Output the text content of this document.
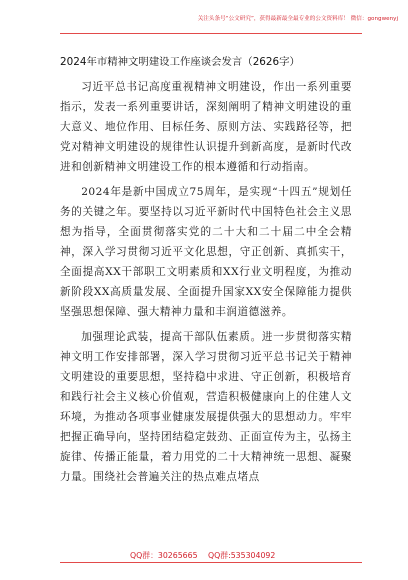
关注头条号“公文研究”，获得最新最全最专业的公文资料库！ 微信：gongwenyj
2024年市精神文明建设工作座谈会发言（2626字）

习近平总书记高度重视精神文明建设，作出一系列重要指示，发表一系列重要讲话，深刻阐明了精神文明建设的重大意义、地位作用、目标任务、原则方法、实践路径等，把党对精神文明建设的规律性认识提升到新高度，是新时代改进和创新精神文明建设工作的根本遵循和行动指南。

2024年是新中国成立75周年，是实现“十四五”规划任务的关键之年。要坚持以习近平新时代中国特色社会主义思想为指导，全面贯彻落实党的二十大和二十届二中全会精神，深入学习贯彻习近平文化思想，守正创新、真抓实干，全面提高XX干部职工文明素质和XX行业文明程度，为推动新阶段XX高质量发展、全面提升国家XX安全保障能力提供坚强思想保障、强大精神力量和丰润道德滋养。

加强理论武装，提高干部队伍素质。进一步贯彻落实精神文明工作安排部署，深入学习贯彻习近平总书记关于精神文明建设的重要思想，坚持稳中求进、守正创新，积极培育和践行社会主义核心价值观，营造积极健康向上的住建人文环境，为推动各项事业健康发展提供强大的思想动力。牢牢把握正确导向，坚持团结稳定鼓劲、正面宣传为主，弘扬主旋律、传播正能量，着力用党的二十大精神统一思想、凝聚力量。围绕社会普遍关注的热点难点堵点

QQ群：30265665 QQ群:535304092
